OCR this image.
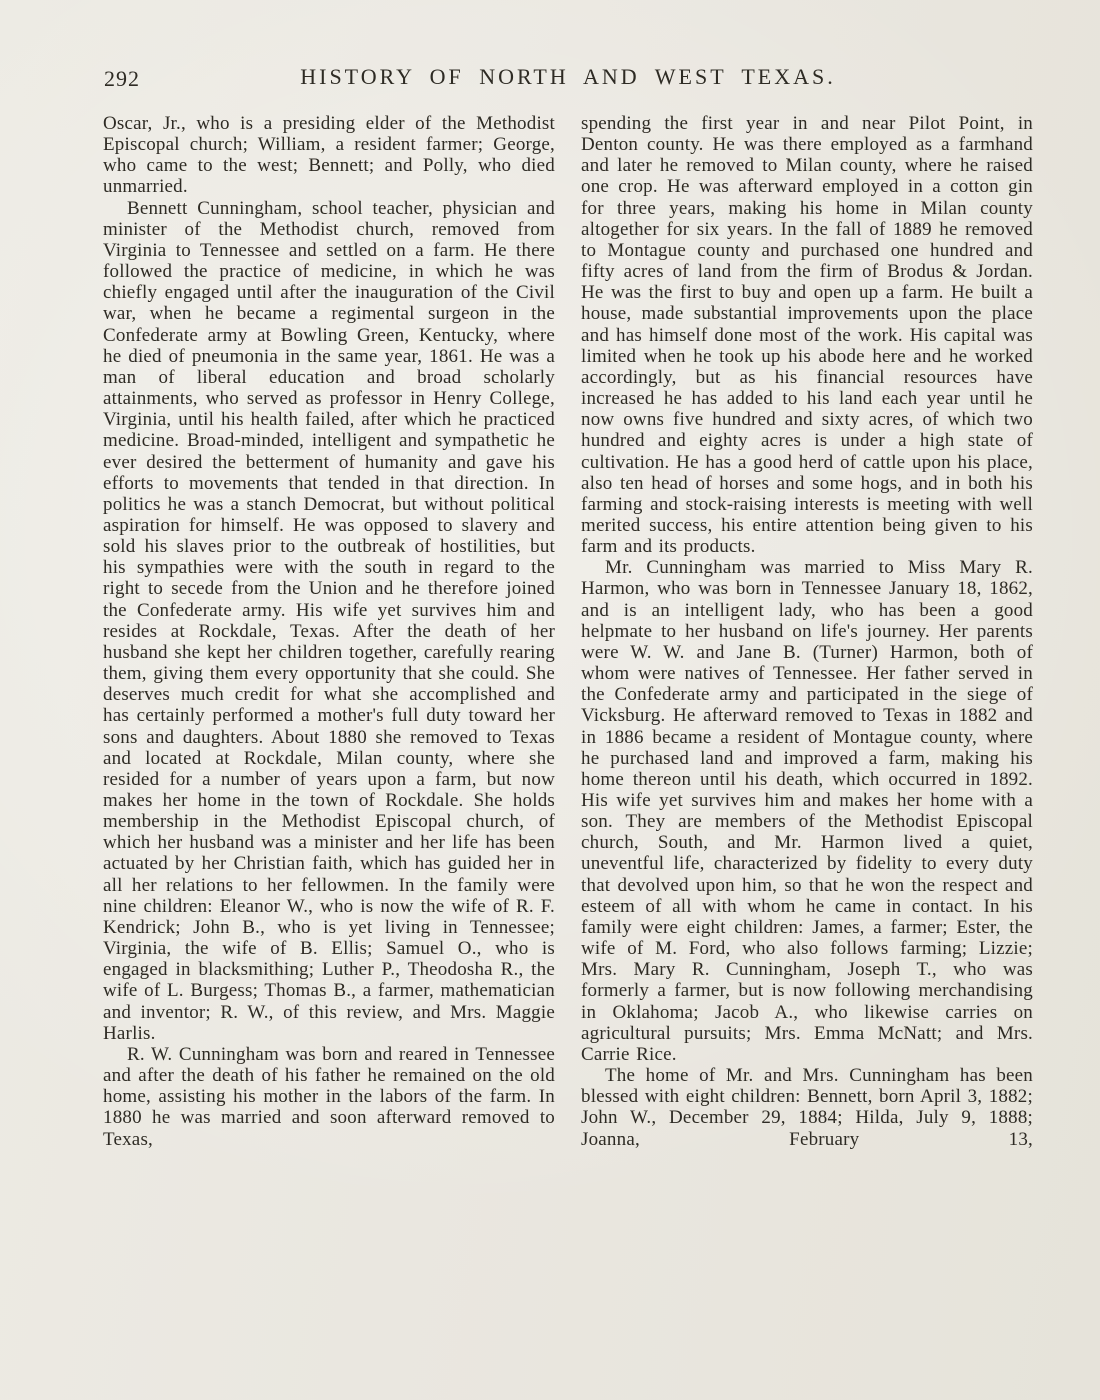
292	HISTORY OF NORTH AND WEST TEXAS.

Oscar, Jr., who is a presiding elder of the Methodist Episcopal church; William, a resident farmer; George, who came to the west; Bennett; and Polly, who died unmarried.

Bennett Cunningham, school teacher, physician and minister of the Methodist church, removed from Virginia to Tennessee and settled on a farm. He there followed the practice of medicine, in which he was chiefly engaged until after the inauguration of the Civil war, when he became a regimental surgeon in the Confederate army at Bowling Green, Kentucky, where he died of pneumonia in the same year, 1861. He was a man of liberal education and broad scholarly attainments, who served as professor in Henry College, Virginia, until his health failed, after which he practiced medicine. Broad-minded, intelligent and sympathetic he ever desired the betterment of humanity and gave his efforts to movements that tended in that direction. In politics he was a stanch Democrat, but without political aspiration for himself. He was opposed to slavery and sold his slaves prior to the outbreak of hostilities, but his sympathies were with the south in regard to the right to secede from the Union and he therefore joined the Confederate army. His wife yet survives him and resides at Rockdale, Texas. After the death of her husband she kept her children together, carefully rearing them, giving them every opportunity that she could. She deserves much credit for what she accomplished and has certainly performed a mother's full duty toward her sons and daughters. About 1880 she removed to Texas and located at Rockdale, Milan county, where she resided for a number of years upon a farm, but now makes her home in the town of Rockdale. She holds membership in the Methodist Episcopal church, of which her husband was a minister and her life has been actuated by her Christian faith, which has guided her in all her relations to her fellowmen. In the family were nine children: Eleanor W., who is now the wife of R. F. Kendrick; John B., who is yet living in Tennessee; Virginia, the wife of B. Ellis; Samuel O., who is engaged in blacksmithing; Luther P., Theodosha R., the wife of L. Burgess; Thomas B., a farmer, mathematician and inventor; R. W., of this review, and Mrs. Maggie Harlis.

R. W. Cunningham was born and reared in Tennessee and after the death of his father he remained on the old home, assisting his mother in the labors of the farm. In 1880 he was married and soon afterward removed to Texas,

spending the first year in and near Pilot Point, in Denton county. He was there employed as a farmhand and later he removed to Milan county, where he raised one crop. He was afterward employed in a cotton gin for three years, making his home in Milan county altogether for six years. In the fall of 1889 he removed to Montague county and purchased one hundred and fifty acres of land from the firm of Brodus & Jordan. He was the first to buy and open up a farm. He built a house, made substantial improvements upon the place and has himself done most of the work. His capital was limited when he took up his abode here and he worked accordingly, but as his financial resources have increased he has added to his land each year until he now owns five hundred and sixty acres, of which two hundred and eighty acres is under a high state of cultivation. He has a good herd of cattle upon his place, also ten head of horses and some hogs, and in both his farming and stock-raising interests is meeting with well merited success, his entire attention being given to his farm and its products.

Mr. Cunningham was married to Miss Mary R. Harmon, who was born in Tennessee January 18, 1862, and is an intelligent lady, who has been a good helpmate to her husband on life's journey. Her parents were W. W. and Jane B. (Turner) Harmon, both of whom were natives of Tennessee. Her father served in the Confederate army and participated in the siege of Vicksburg. He afterward removed to Texas in 1882 and in 1886 became a resident of Montague county, where he purchased land and improved a farm, making his home thereon until his death, which occurred in 1892. His wife yet survives him and makes her home with a son. They are members of the Methodist Episcopal church, South, and Mr. Harmon lived a quiet, uneventful life, characterized by fidelity to every duty that devolved upon him, so that he won the respect and esteem of all with whom he came in contact. In his family were eight children: James, a farmer; Ester, the wife of M. Ford, who also follows farming; Lizzie; Mrs. Mary R. Cunningham, Joseph T., who was formerly a farmer, but is now following merchandising in Oklahoma; Jacob A., who likewise carries on agricultural pursuits; Mrs. Emma McNatt; and Mrs. Carrie Rice.

The home of Mr. and Mrs. Cunningham has been blessed with eight children: Bennett, born April 3, 1882; John W., December 29, 1884; Hilda, July 9, 1888; Joanna, February 13,
